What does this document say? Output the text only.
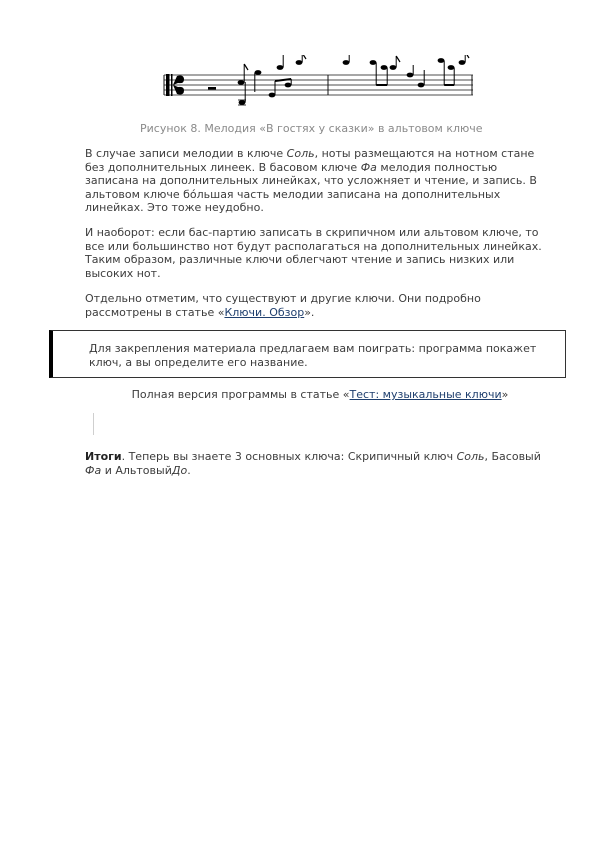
Рисунок 8. Мелодия «В гостях у сказки» в альтовом ключе
В случае записи мелодии в ключе Соль, ноты размещаются на нотном стане без дополнительных линеек. В басовом ключе Фа мелодия полностью записана на дополнительных линейках, что усложняет и чтение, и запись. В альтовом ключе бóльшая часть мелодии записана на дополнительных линейках. Это тоже неудобно.
И наоборот: если бас-партию записать в скрипичном или альтовом ключе, то все или большинство нот будут располагаться на дополнительных линейках. Таким образом, различные ключи облегчают чтение и запись низких или высоких нот.
Отдельно отметим, что существуют и другие ключи. Они подробно рассмотрены в статье «Ключи. Обзор».
Для закрепления материала предлагаем вам поиграть: программа покажет ключ, а вы определите его название.
Полная версия программы в статье «Тест: музыкальные ключи»
Итоги. Теперь вы знаете 3 основных ключа: Скрипичный ключ Соль, Басовый Фа и АльтовыйДо.
